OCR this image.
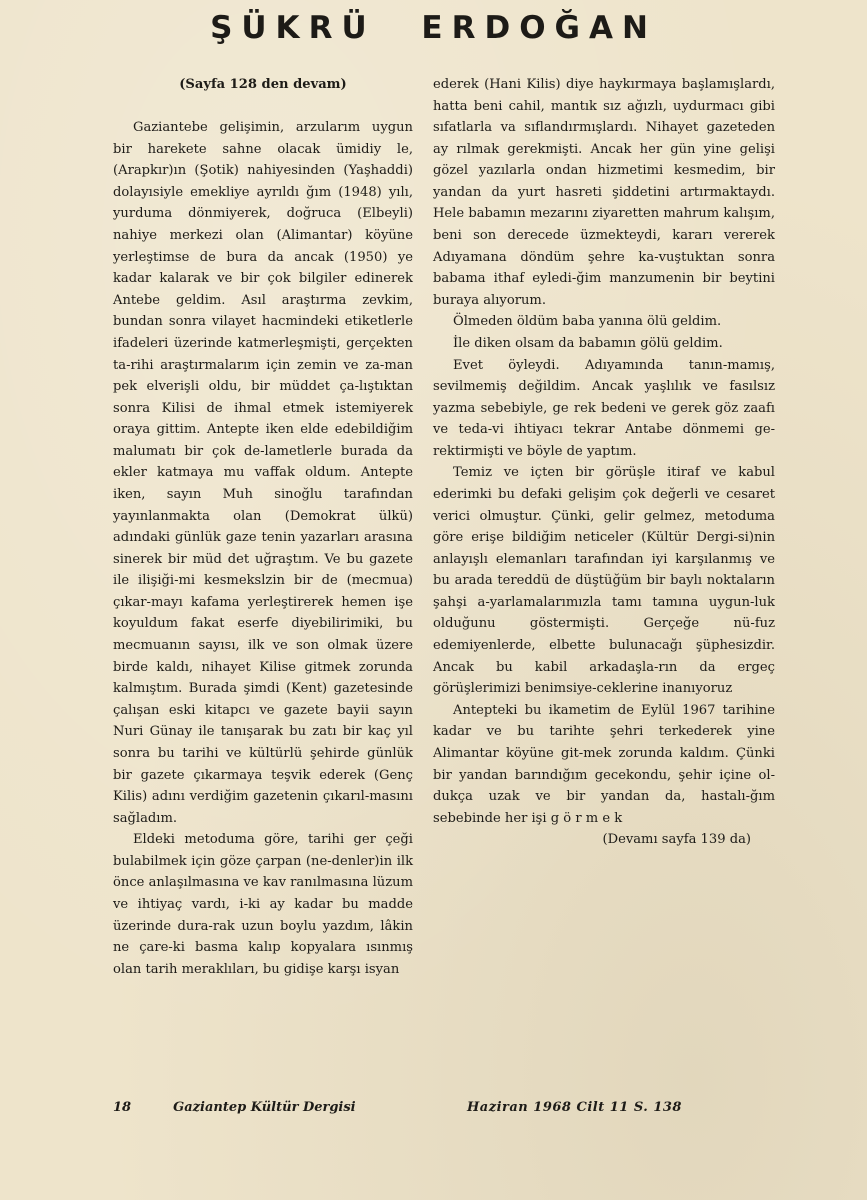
ŞÜKRÜ ERDOĞAN

(Sayfa 128 den devam)

Gaziantebe gelişimin, arzularım uygun bir harekete sahne olacak ümidiy le, (Arapkır)ın (Şotik) nahiyesinden (Yaşhaddi) dolayısiyle emekliye ayrıldı ğım (1948) yılı, yurduma dönmiyerek, doğruca (Elbeyli) nahiye merkezi olan (Alimantar) köyüne yerleştimse de bura da ancak (1950) ye kadar kalarak ve bir çok bilgiler edinerek Antebe geldim. Asıl araştırma zevkim, bundan sonra vilayet hacmindeki etiketlerle ifadeleri üzerinde katmerleşmişti, gerçekten ta-rihi araştırmalarım için zemin ve za-man pek elverişli oldu, bir müddet ça-lıştıktan sonra Kilisi de ihmal etmek istemiyerek oraya gittim. Antepte iken elde edebildiğim malumatı bir çok de-lametlerle burada da ekler katmaya mu vaffak oldum. Antepte iken, sayın Muh sinoğlu tarafından yayınlanmakta olan (Demokrat ülkü) adındaki günlük gaze tenin yazarları arasına sinerek bir müd det uğraştım. Ve bu gazete ile ilişiği-mi kesmekslzin bir de (mecmua) çıkar-mayı kafama yerleştirerek hemen işe koyuldum fakat eserfe diyebilirimiki, bu mecmuanın sayısı, ilk ve son olmak üzere birde kaldı, nihayet Kilise gitmek zorunda kalmıştım. Burada şimdi (Kent) gazetesinde çalışan eski kitapcı ve gazete bayii sayın Nuri Günay ile tanışarak bu zatı bir kaç yıl sonra bu tarihi ve kültürlü şehirde günlük bir gazete çıkarmaya teşvik ederek (Genç Kilis) adını verdiğim gazetenin çıkarıl-masını sağladım.

Eldeki metoduma göre, tarihi ger çeği bulabilmek için göze çarpan (ne-denler)in ilk önce anlaşılmasına ve kav ranılmasına lüzum ve ihtiyaç vardı, i-ki ay kadar bu madde üzerinde dura-rak uzun boylu yazdım, lâkin ne çare-ki basma kalıp kopyalara ısınmış olan tarih meraklıları, bu gidişe karşı isyan

ederek (Hani Kilis) diye haykırmaya başlamışlardı, hatta beni cahil, mantık sız ağızlı, uydurmacı gibi sıfatlarla va sıflandırmışlardı. Nihayet gazeteden ay rılmak gerekmişti. Ancak her gün yine gelişi gözel yazılarla ondan hizmetimi kesmedim, bir yandan da yurt hasreti şiddetini artırmaktaydı. Hele babamın mezarını ziyaretten mahrum kalışım, beni son derecede üzmekteydi, kararı vererek Adıyamana döndüm şehre ka-vuştuktan sonra babama ithaf eyledi-ğim manzumenin bir beytini buraya alıyorum.

Ölmeden öldüm baba yanına ölü geldim.

İle diken olsam da babamın gölü geldim.

Evet öyleydi. Adıyamında tanın-mamış, sevilmemiş değildim. Ancak yaşlılık ve fasılsız yazma sebebiyle, ge rek bedeni ve gerek göz zaafı ve teda-vi ihtiyacı tekrar Antabe dönmemi ge-rektirmişti ve böyle de yaptım.

Temiz ve içten bir görüşle itiraf ve kabul ederimki bu defaki gelişim çok değerli ve cesaret verici olmuştur. Çünki, gelir gelmez, metoduma göre erişe bildiğim neticeler (Kültür Dergi-si)nin anlayışlı elemanları tarafından iyi karşılanmış ve bu arada tereddü de düştüğüm bir baylı noktaların şahşi a-yarlamalarımızla tamı tamına uygun-luk olduğunu göstermişti. Gerçeğe nü-fuz edemiyenlerde, elbette bulunacağı şüphesizdir. Ancak bu kabil arkadaşla-rın da ergeç görüşlerimizi benimsiye-ceklerine inanıyoruz

Antepteki bu ikametim de Eylül 1967 tarihine kadar ve bu tarihte şehri terkederek yine Alimantar köyüne git-mek zorunda kaldım. Çünki bir yandan barındığım gecekondu, şehir içine ol-dukça uzak ve bir yandan da, hastalı-ğım sebebinde her işi g ö r m e k

(Devamı sayfa 139 da)

18	Gaziantep Kültür Dergisi	Haziran 1968 Cilt 11 S. 138
